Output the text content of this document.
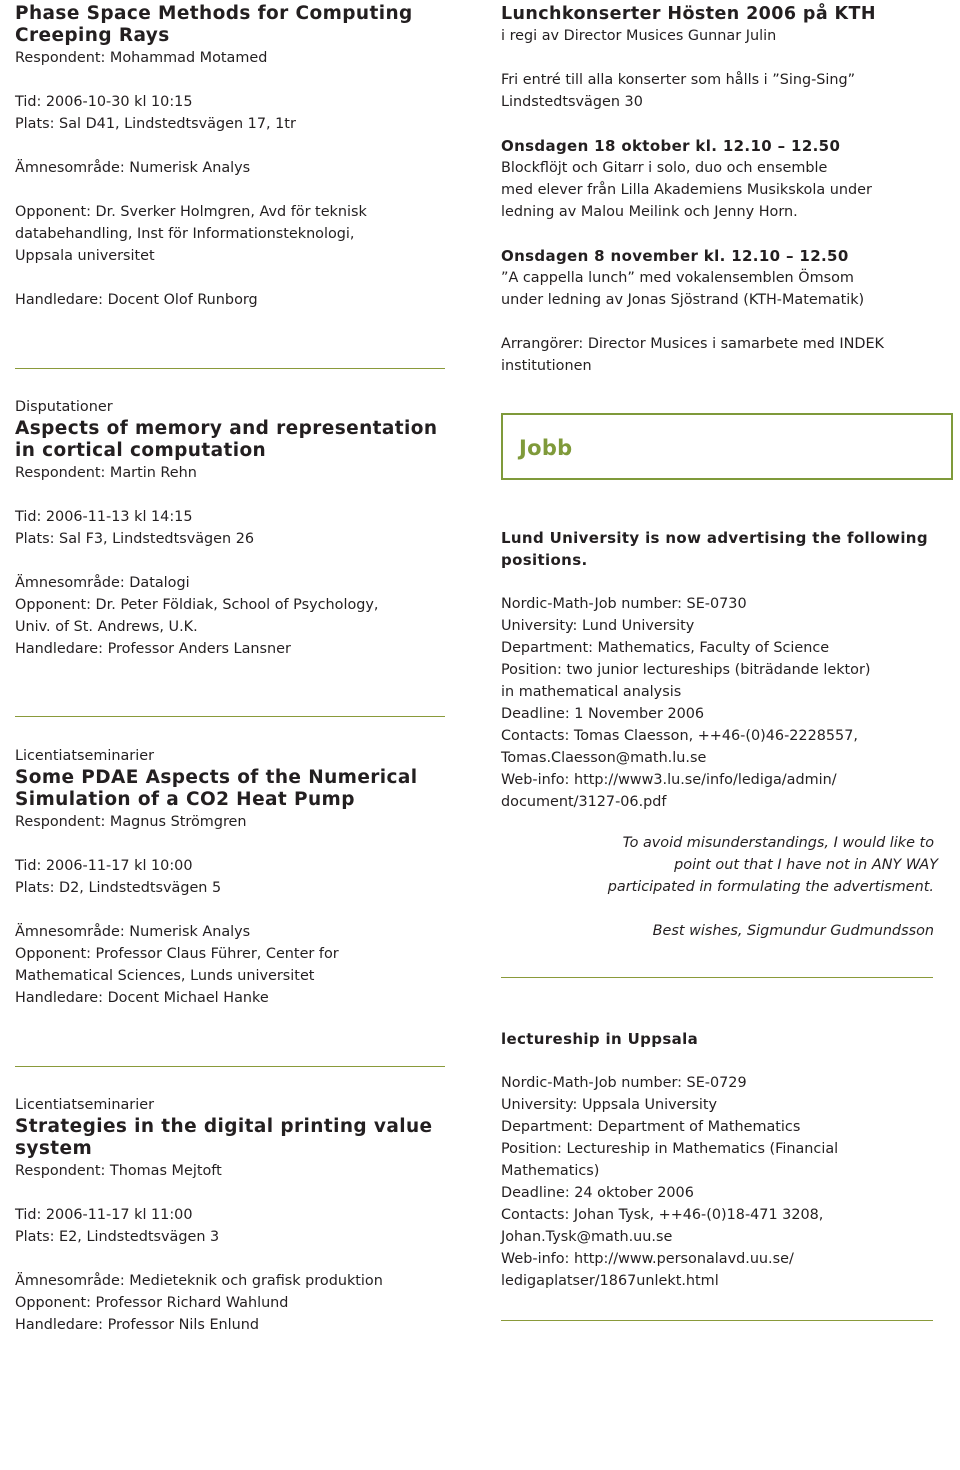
Phase Space Methods for Computing
Creeping Rays
Respondent: Mohammad Motamed

Tid: 2006-10-30 kl 10:15
Plats: Sal D41, Lindstedtsvägen 17, 1tr

Ämnesområde: Numerisk Analys

Opponent: Dr. Sverker Holmgren, Avd för teknisk
databehandling, Inst för Informationsteknologi,
Uppsala universitet

Handledare: Docent Olof Runborg
Disputationer
Aspects of memory and representation
in cortical computation
Respondent: Martin Rehn

Tid: 2006-11-13 kl 14:15
Plats: Sal F3, Lindstedtsvägen 26

Ämnesområde: Datalogi
Opponent: Dr. Peter Földiak, School of Psychology,
Univ. of St. Andrews, U.K.
Handledare: Professor Anders Lansner
Licentiatseminarier
Some PDAE Aspects of the Numerical
Simulation of a CO2 Heat Pump
Respondent: Magnus Strömgren

Tid: 2006-11-17 kl 10:00
Plats: D2, Lindstedtsvägen 5

Ämnesområde: Numerisk Analys
Opponent: Professor Claus Führer, Center for
Mathematical Sciences, Lunds universitet
Handledare: Docent Michael Hanke
Licentiatseminarier
Strategies in the digital printing value
system
Respondent: Thomas Mejtoft

Tid: 2006-11-17 kl 11:00
Plats: E2, Lindstedtsvägen 3

Ämnesområde: Medieteknik och grafisk produktion
Opponent: Professor Richard Wahlund
Handledare: Professor Nils Enlund
Lunchkonserter Hösten 2006 på KTH
i regi av Director Musices Gunnar Julin

Fri entré till alla konserter som hålls i ”Sing-Sing”
Lindstedtsvägen 30

Onsdagen 18 oktober kl. 12.10 – 12.50
Blockflöjt och Gitarr i solo, duo och ensemble
med elever från Lilla Akademiens Musikskola under
ledning av Malou Meilink och Jenny Horn.

Onsdagen 8 november kl. 12.10 – 12.50
”A cappella lunch” med vokalensemblen Ömsom
under ledning av Jonas Sjöstrand (KTH-Matematik)

Arrangörer: Director Musices i samarbete med INDEK
institutionen
Lund University is now advertising the following
positions.

Nordic-Math-Job number: SE-0730
University: Lund University
Department: Mathematics, Faculty of Science
Position: two junior lectureships (biträdande lektor)
in mathematical analysis
Deadline: 1 November 2006
Contacts: Tomas Claesson, ++46-(0)46-2228557,
Tomas.Claesson@math.lu.se
Web-info: http://www3.lu.se/info/lediga/admin/
document/3127-06.pdf
To avoid misunderstandings, I would like to
point out that I have not in ANY WAY
participated in formulating the advertisment.

Best wishes, Sigmundur Gudmundsson
lectureship in Uppsala

Nordic-Math-Job number: SE-0729
University: Uppsala University
Department: Department of Mathematics
Position: Lectureship in Mathematics (Financial
Mathematics)
Deadline: 24 oktober 2006
Contacts: Johan Tysk, ++46-(0)18-471 3208,
Johan.Tysk@math.uu.se
Web-info: http://www.personalavd.uu.se/
ledigaplatser/1867unlekt.html
Jobb
